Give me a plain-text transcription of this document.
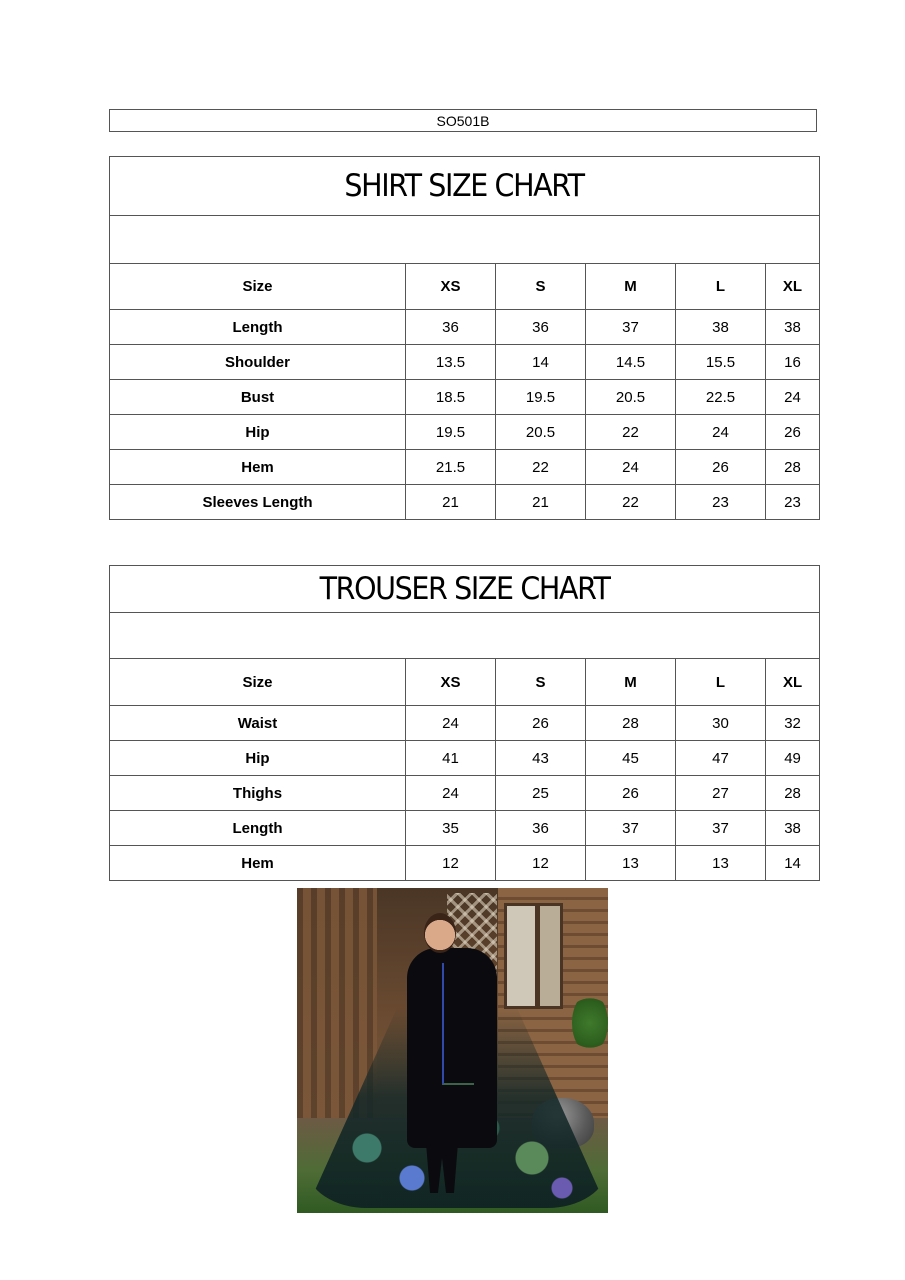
SO501B
SHIRT SIZE CHART					

Size	XS	S	M	L	XL
Length	36	36	37	38	38
Shoulder	13.5	14	14.5	15.5	16
Bust	18.5	19.5	20.5	22.5	24
Hip	19.5	20.5	22	24	26
Hem	21.5	22	24	26	28
Sleeves Length	21	21	22	23	23
TROUSER SIZE CHART					

Size	XS	S	M	L	XL
Waist	24	26	28	30	32
Hip	41	43	45	47	49
Thighs	24	25	26	27	28
Length	35	36	37	37	38
Hem	12	12	13	13	14
